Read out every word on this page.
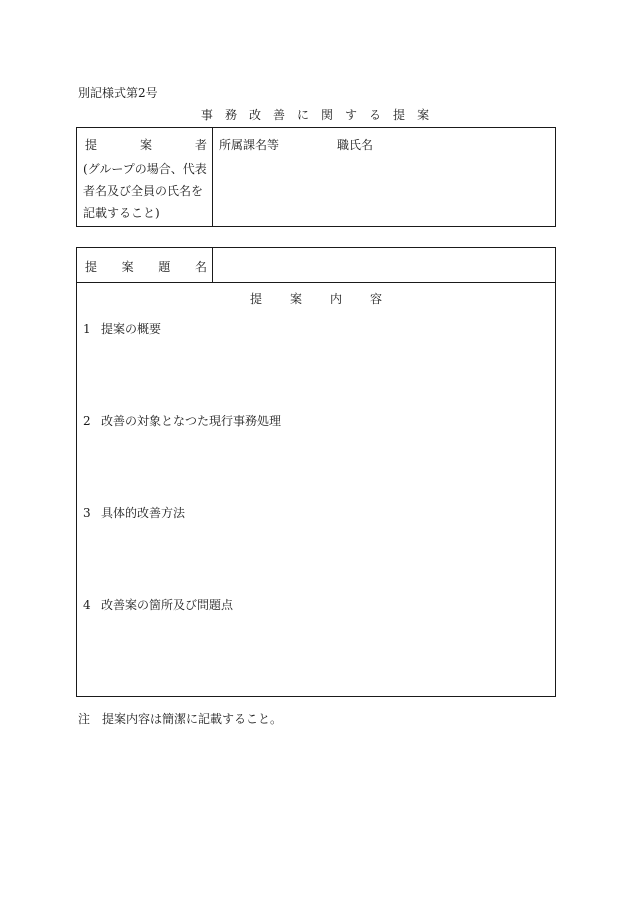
別記様式第2号
事 務 改 善 に 関 す る 提 案
提	案	者
(グループの場合、代表
者名及び全員の氏名を
記載すること)
所属課名等	職氏名
提 案 題 名
提 案 内 容
1 提案の概要
2 改善の対象となつた現行事務処理
3 具体的改善方法
4 改善案の箇所及び問題点
注　提案内容は簡潔に記載すること。
